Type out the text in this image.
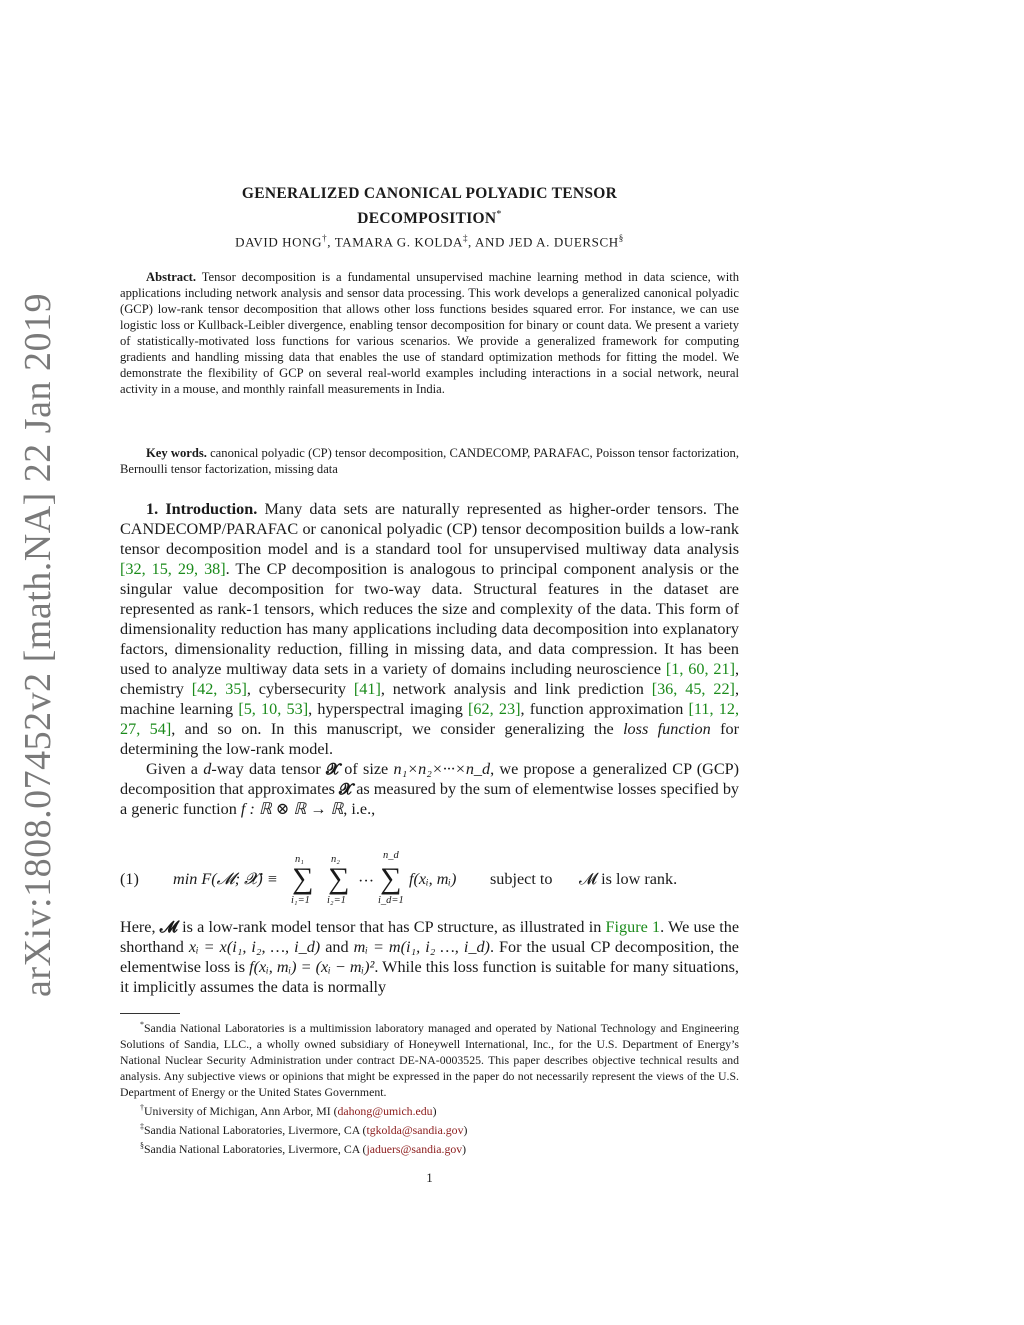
arXiv:1808.07452v2 [math.NA] 22 Jan 2019
GENERALIZED CANONICAL POLYADIC TENSOR
DECOMPOSITION*
DAVID HONG†, TAMARA G. KOLDA‡, AND JED A. DUERSCH§

Abstract. Tensor decomposition is a fundamental unsupervised machine learning method in data science, with applications including network analysis and sensor data processing. This work develops a generalized canonical polyadic (GCP) low-rank tensor decomposition that allows other loss functions besides squared error. For instance, we can use logistic loss or Kullback-Leibler divergence, enabling tensor decomposition for binary or count data. We present a variety of statistically-motivated loss functions for various scenarios. We provide a generalized framework for computing gradients and handling missing data that enables the use of standard optimization methods for fitting the model. We demonstrate the flexibility of GCP on several real-world examples including interactions in a social network, neural activity in a mouse, and monthly rainfall measurements in India.

Key words. canonical polyadic (CP) tensor decomposition, CANDECOMP, PARAFAC, Poisson tensor factorization, Bernoulli tensor factorization, missing data

1. Introduction. Many data sets are naturally represented as higher-order tensors. The CANDECOMP/PARAFAC or canonical polyadic (CP) tensor decomposition builds a low-rank tensor decomposition model and is a standard tool for unsupervised multiway data analysis [32, 15, 29, 38]. The CP decomposition is analogous to principal component analysis or the singular value decomposition for two-way data. Structural features in the dataset are represented as rank-1 tensors, which reduces the size and complexity of the data. This form of dimensionality reduction has many applications including data decomposition into explanatory factors, dimensionality reduction, filling in missing data, and data compression. It has been used to analyze multiway data sets in a variety of domains including neuroscience [1, 60, 21], chemistry [42, 35], cybersecurity [41], network analysis and link prediction [36, 45, 22], machine learning [5, 10, 53], hyperspectral imaging [62, 23], function approximation [11, 12, 27, 54], and so on. In this manuscript, we consider generalizing the loss function for determining the low-rank model.

Given a d-way data tensor 𝓧 of size n₁×n₂×···×n_d, we propose a generalized CP (GCP) decomposition that approximates 𝓧 as measured by the sum of elementwise losses specified by a generic function f : ℝ ⊗ ℝ → ℝ, i.e.,

(1) min F(𝓜; 𝓧) ≡
n₁
∑
i₁=1
n₂
∑
i₂=1
···
n_d
∑
i_d=1
f(xᵢ, mᵢ) subject to 𝓜 is low rank.

Here, 𝓜 is a low-rank model tensor that has CP structure, as illustrated in Figure 1. We use the shorthand xᵢ = x(i₁, i₂, …, i_d) and mᵢ = m(i₁, i₂ …, i_d). For the usual CP decomposition, the elementwise loss is f(xᵢ, mᵢ) = (xᵢ − mᵢ)². While this loss function is suitable for many situations, it implicitly assumes the data is normally

*Sandia National Laboratories is a multimission laboratory managed and operated by National Technology and Engineering Solutions of Sandia, LLC., a wholly owned subsidiary of Honeywell International, Inc., for the U.S. Department of Energy’s National Nuclear Security Administration under contract DE-NA-0003525. This paper describes objective technical results and analysis. Any subjective views or opinions that might be expressed in the paper do not necessarily represent the views of the U.S. Department of Energy or the United States Government.

†University of Michigan, Ann Arbor, MI (dahong@umich.edu)

‡Sandia National Laboratories, Livermore, CA (tgkolda@sandia.gov)

§Sandia National Laboratories, Livermore, CA (jaduers@sandia.gov)

1
